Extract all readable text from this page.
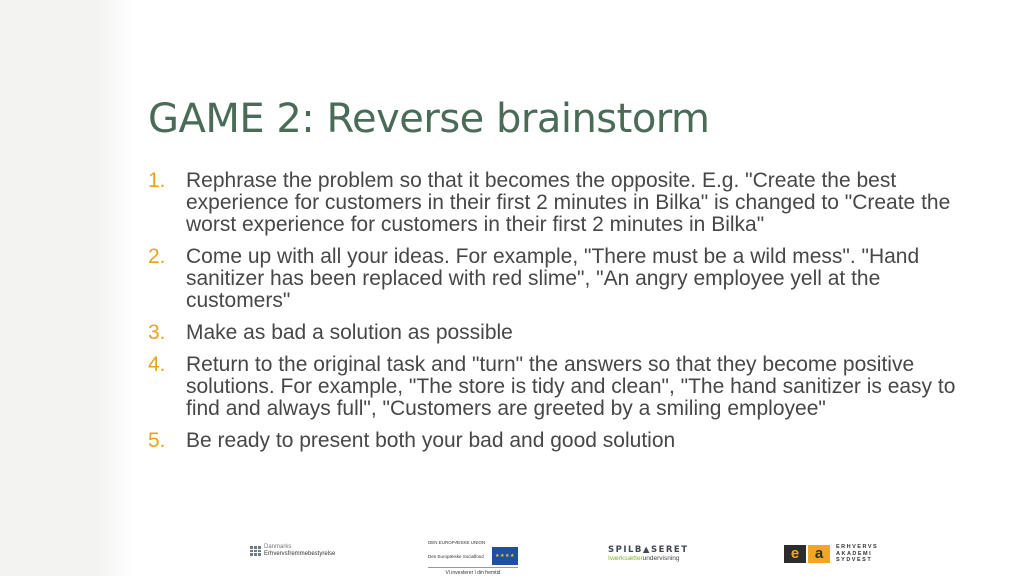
GAME 2: Reverse brainstorm
1. Rephrase the problem so that it becomes the opposite. E.g. "Create the best experience for customers in their first 2 minutes in Bilka" is changed to "Create the worst experience for customers in their first 2 minutes in Bilka"
2. Come up with all your ideas. For example, "There must be a wild mess". "Hand sanitizer has been replaced with red slime", "An angry employee yell at the customers"
3. Make as bad a solution as possible
4. Return to the original task and "turn" the answers so that they become positive solutions. For example, "The store is tidy and clean", "The hand sanitizer is easy to find and always full", "Customers are greeted by a smiling employee"
5. Be ready to present both your bad and good solution
Danmarks
Erhvervsfremmebestyrelse
DEN EUROPÆISKE UNION
Den Europæiske Socialfond	★★★★
Vi investerer i din fremtid
SPILB▲SERET
Iværksætterundervisning	e	a	ERHVERVS
AKADEMI
SYDVEST
